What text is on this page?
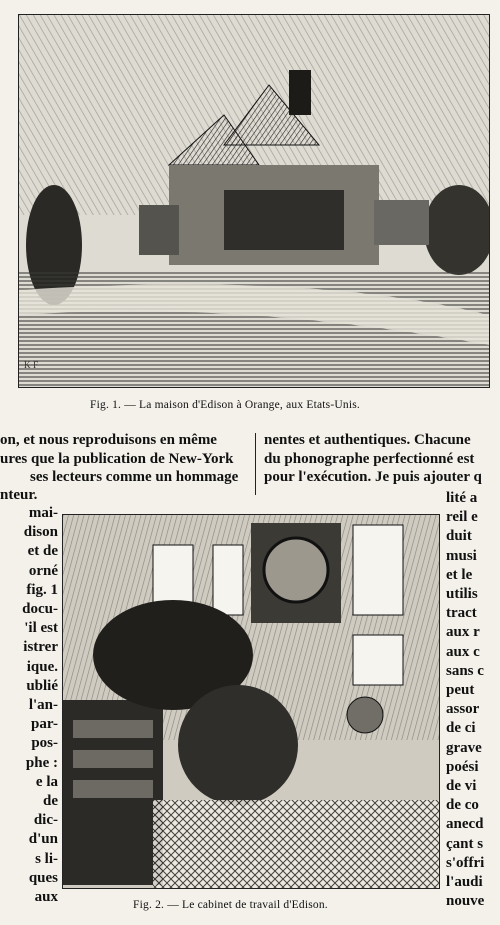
K F
Fig. 1. — La maison d'Edison à Orange, aux Etats-Unis.
on, et nous reproduisons en même
ures que la publication de New-York
ses lecteurs comme un hommage
nteur.
nentes et authentiques. Chacune
du phonographe perfectionné est
pour l'exécution. Je puis ajouter q
Fig. 2. — Le cabinet de travail d'Edison.
mai-
dison
et de
orné
fig. 1
docu-
'il est
istrer
ique.
ublié
l'an-
par-
pos-
phe :
e la
de
dic-
d'un
s li-
ques
aux
lité a
reil e
duit
musi
et le
utilis
tract
aux r
aux c
sans c
peut
assor
de ci
grave
poési
de vi
de co
anecd
çant s
s'offri
l'audi
nouve
